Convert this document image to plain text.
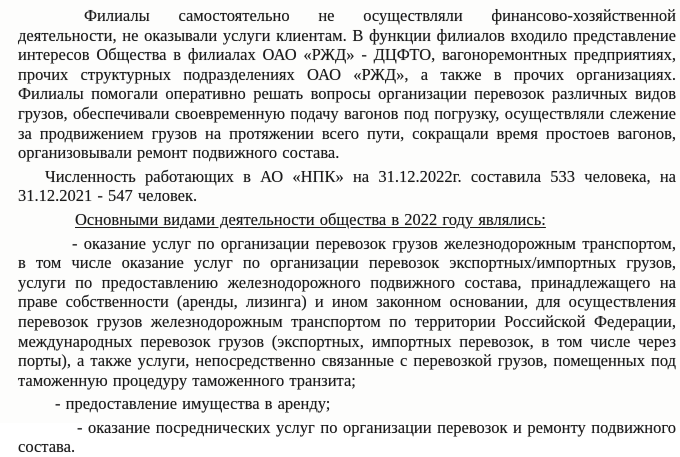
Филиалы самостоятельно не осуществляли финансово-хозяйственной деятельности, не оказывали услуги клиентам. В функции филиалов входило представление интересов Общества в филиалах ОАО «РЖД» - ДЦФТО, вагоноремонтных предприятиях, прочих структурных подразделениях ОАО «РЖД», а также в прочих организациях. Филиалы помогали оперативно решать вопросы организации перевозок различных видов грузов, обеспечивали своевременную подачу вагонов под погрузку, осуществляли слежение за продвижением грузов на протяжении всего пути, сокращали время простоев вагонов, организовывали ремонт подвижного состава.

Численность работающих в АО «НПК» на 31.12.2022г. составила 533 человека, на 31.12.2021 - 547 человек.

Основными видами деятельности общества в 2022 году являлись:

- оказание услуг по организации перевозок грузов железнодорожным транспортом, в том числе оказание услуг по организации перевозок экспортных/импортных грузов, услуги по предоставлению железнодорожного подвижного состава, принадлежащего на праве собственности (аренды, лизинга) и ином законном основании, для осуществления перевозок грузов железнодорожным транспортом по территории Российской Федерации, международных перевозок грузов (экспортных, импортных перевозок, в том числе через порты), а также услуги, непосредственно связанные с перевозкой грузов, помещенных под таможенную процедуру таможенного транзита;

- предоставление имущества в аренду;

- оказание посреднических услуг по организации перевозок и ремонту подвижного состава.
